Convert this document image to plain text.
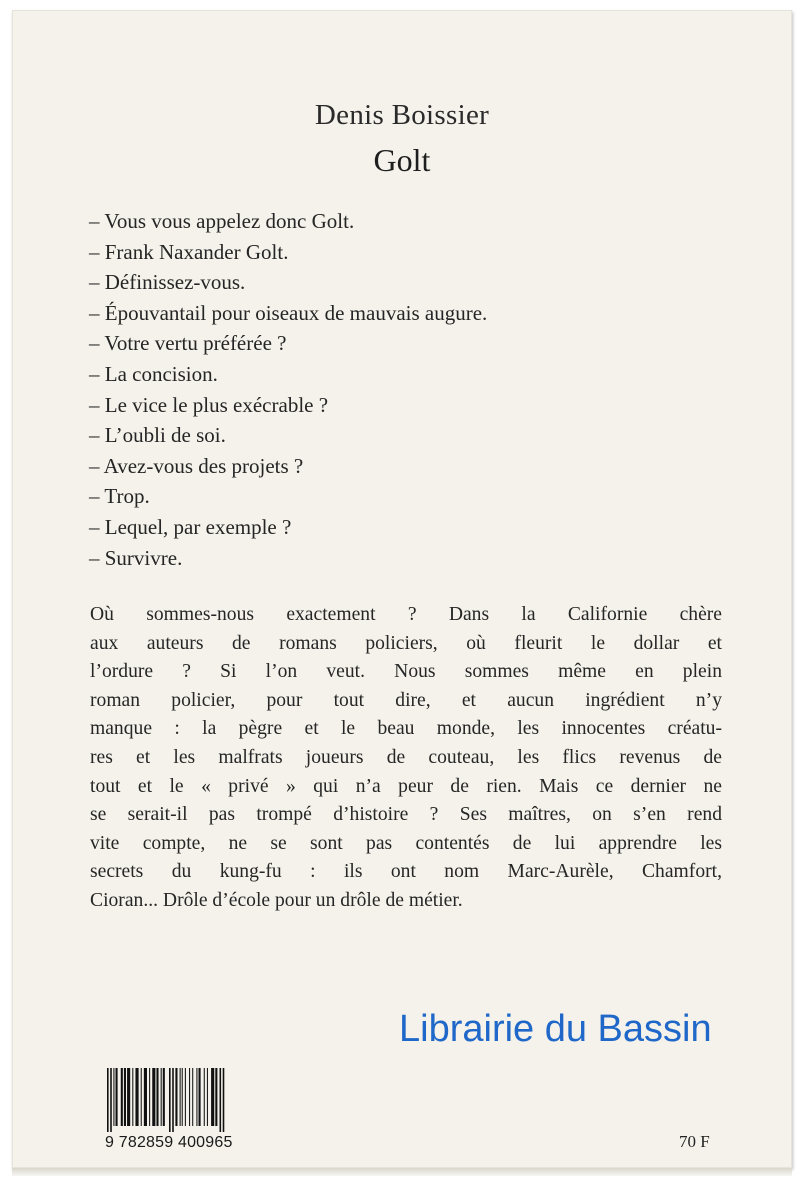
Denis Boissier
Golt
– Vous vous appelez donc Golt.
– Frank Naxander Golt.
– Définissez-vous.
– Épouvantail pour oiseaux de mauvais augure.
– Votre vertu préférée ?
– La concision.
– Le vice le plus exécrable ?
– L’oubli de soi.
– Avez-vous des projets ?
– Trop.
– Lequel, par exemple ?
– Survivre.
Où sommes-nous exactement ? Dans la Californie chère
aux auteurs de romans policiers, où fleurit le dollar et
l’ordure ? Si l’on veut. Nous sommes même en plein
roman policier, pour tout dire, et aucun ingrédient n’y
manque : la pègre et le beau monde, les innocentes créatu-
res et les malfrats joueurs de couteau, les flics revenus de
tout et le « privé » qui n’a peur de rien. Mais ce dernier ne
se serait-il pas trompé d’histoire ? Ses maîtres, on s’en rend
vite compte, ne se sont pas contentés de lui apprendre les
secrets du kung-fu : ils ont nom Marc-Aurèle, Chamfort,
Cioran... Drôle d’école pour un drôle de métier.
Librairie du Bassin
9 782859 400965	70 F
